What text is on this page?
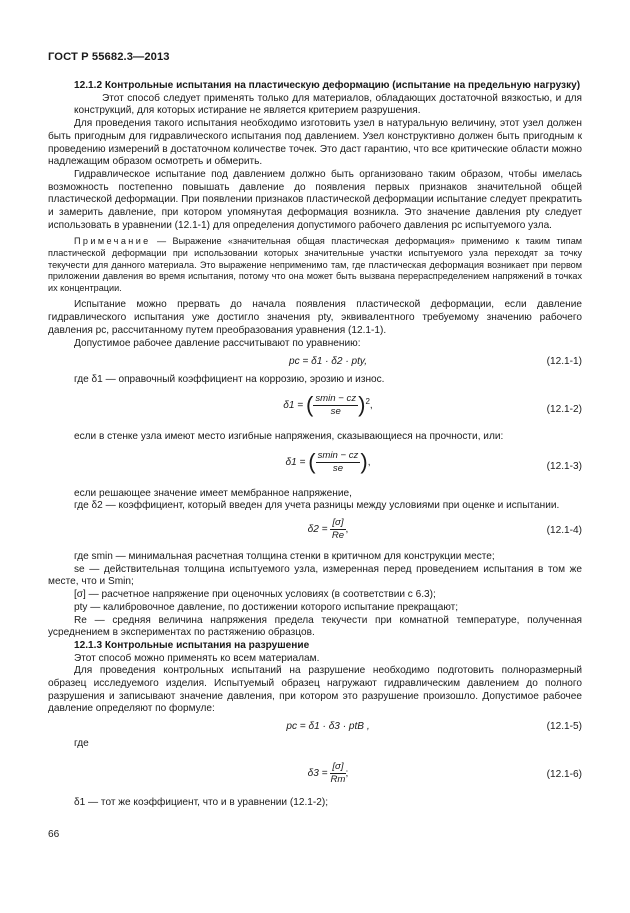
ГОСТ Р 55682.3—2013

12.1.2 Контрольные испытания на пластическую деформацию (испытание на предельную нагрузку)

Этот способ следует применять только для материалов, обладающих достаточной вязкостью, и для конструкций, для которых истирание не является критерием разрушения.

Для проведения такого испытания необходимо изготовить узел в натуральную величину, этот узел должен быть пригодным для гидравлического испытания под давлением. Узел конструктивно должен быть пригодным к проведению измерений в достаточном количестве точек. Это даст гарантию, что все критические области можно надлежащим образом осмотреть и обмерить.

Гидравлическое испытание под давлением должно быть организовано таким образом, чтобы имелась возможность постепенно повышать давление до появления первых признаков значительной общей пластической деформации. При появлении признаков пластической деформации испытание следует прекратить и замерить давление, при котором упомянутая деформация возникла. Это значение давления pty следует использовать в уравнении (12.1-1) для определения допустимого рабочего давления pc испытуемого узла.

Примечание — Выражение «значительная общая пластическая деформация» применимо к таким типам пластической деформации при использовании которых значительные участки испытуемого узла переходят за точку текучести для данного материала. Это выражение неприменимо там, где пластическая деформация возникает при первом приложении давления во время испытания, потому что она может быть вызвана перераспределением напряжений в точках их концентрации.

Испытание можно прервать до начала появления пластической деформации, если давление гидравлического испытания уже достигло значения pty, эквивалентного требуемому значению рабочего давления pc, рассчитанному путем преобразования уравнения (12.1-1).

Допустимое рабочее давление рассчитывают по уравнению:

pc = δ1 · δ2 · pty,	(12.1-1)

где δ1 — оправочный коэффициент на коррозию, эрозию и износ.

δ1 = ( $\frac{smin - cz}{se} )^2$,	(12.1-2)

если в стенке узла имеют место изгибные напряжения, сказывающиеся на прочности, или:

δ1 = ( $\frac{smin - cz}{se}$ ),	(12.1-3)

если решающее значение имеет мембранное напряжение,

где δ2 — коэффициент, который введен для учета разницы между условиями при оценке и испытании.

$\delta 2 = \frac{[\sigma]}{Re}$ ,	(12.1-4)

где smin — минимальная расчетная толщина стенки в критичном для конструкции месте;

se — действительная толщина испытуемого узла, измеренная перед проведением испытания в том же месте, что и Smin;

[σ] — расчетное напряжение при оценочных условиях (в соответствии с 6.3);

pty — калибровочное давление, по достижении которого испытание прекращают;

Re — средняя величина напряжения предела текучести при комнатной температуре, полученная усреднением в экспериментах по растяжению образцов.

12.1.3 Контрольные испытания на разрушение

Этот способ можно применять ко всем материалам.

Для проведения контрольных испытаний на разрушение необходимо подготовить полноразмерный образец исследуемого изделия. Испытуемый образец нагружают гидравлическим давлением до полного разрушения и записывают значение давления, при котором это разрушение произошло. Допустимое рабочее давление определяют по формуле:

pc = δ1 · δ3 · ptB ,	(12.1-5)

где

$\delta 3 = \frac{[\sigma]}{Rm}$ ;	(12.1-6)

δ1 — тот же коэффициент, что и в уравнении (12.1-2);

66
